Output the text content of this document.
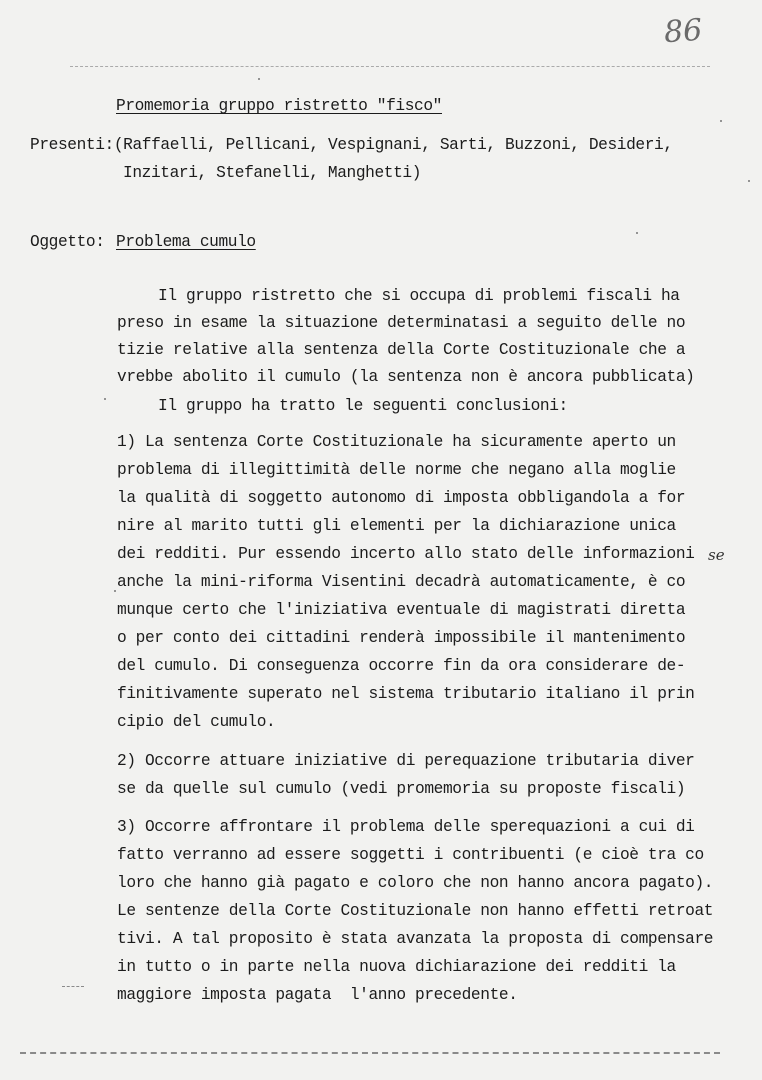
86
Promemoria gruppo ristretto "fisco"
Presenti:(Raffaelli, Pellicani, Vespignani, Sarti, Buzzoni, Desideri,
Inzitari, Stefanelli, Manghetti)
Oggetto: Problema cumulo
Il gruppo ristretto che si occupa di problemi fiscali ha
preso in esame la situazione determinatasi a seguito delle no
tizie relative alla sentenza della Corte Costituzionale che a
vrebbe abolito il cumulo (la sentenza non è ancora pubblicata)
Il gruppo ha tratto le seguenti conclusioni:
1) La sentenza Corte Costituzionale ha sicuramente aperto un
problema di illegittimità delle norme che negano alla moglie
la qualità di soggetto autonomo di imposta obbligandola a for
nire al marito tutti gli elementi per la dichiarazione unica
dei redditi. Pur essendo incerto allo stato delle informazioni se
anche la mini-riforma Visentini decadrà automaticamente, è co
munque certo che l'iniziativa eventuale di magistrati diretta
o per conto dei cittadini renderà impossibile il mantenimento
del cumulo. Di conseguenza occorre fin da ora considerare de-
finitivamente superato nel sistema tributario italiano il prin
cipio del cumulo.
2) Occorre attuare iniziative di perequazione tributaria diver
se da quelle sul cumulo (vedi promemoria su proposte fiscali)
3) Occorre affrontare il problema delle sperequazioni a cui di
fatto verranno ad essere soggetti i contribuenti (e cioè tra co
loro che hanno già pagato e coloro che non hanno ancora pagato).
Le sentenze della Corte Costituzionale non hanno effetti retroat
tivi. A tal proposito è stata avanzata la proposta di compensare
in tutto o in parte nella nuova dichiarazione dei redditi la
maggiore imposta pagata  l'anno precedente.
